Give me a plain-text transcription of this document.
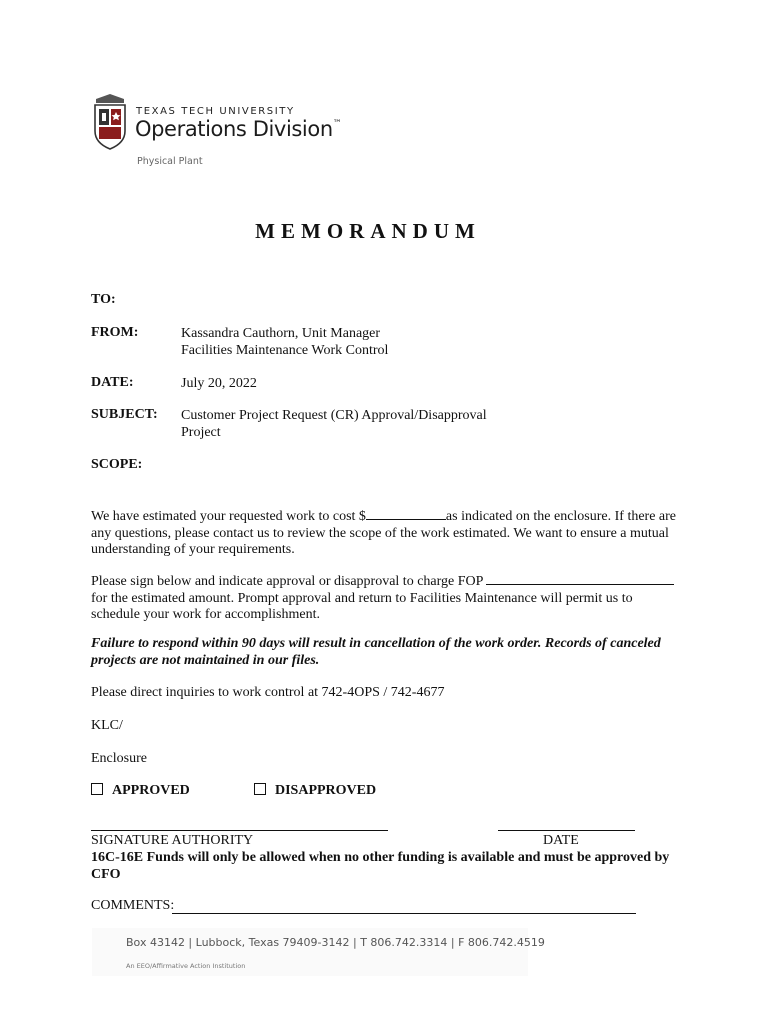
TEXAS TECH UNIVERSITY
Operations Division™
Physical Plant
MEMORANDUM
TO:
FROM:	Kassandra Cauthorn, Unit Manager
Facilities Maintenance Work Control
DATE:	July 20, 2022
SUBJECT: Customer Project Request (CR) Approval/Disapproval
Project
SCOPE:
We have estimated your requested work to cost $	as indicated on the enclosure. If there are
any questions, please contact us to review the scope of the work estimated. We want to ensure a mutual
understanding of your requirements.
Please sign below and indicate approval or disapproval to charge FOP
for the estimated amount. Prompt approval and return to Facilities Maintenance will permit us to
schedule your work for accomplishment.
Failure to respond within 90 days will result in cancellation of the work order. Records of canceled
projects are not maintained in our files.
Please direct inquiries to work control at 742-4OPS / 742-4677
KLC/
Enclosure
APPROVED	DISAPPROVED
SIGNATURE AUTHORITY	DATE
16C-16E Funds will only be allowed when no other funding is available and must be approved by
CFO
COMMENTS:
Box 43142 | Lubbock, Texas 79409-3142 | T 806.742.3314 | F 806.742.4519
An EEO/Affirmative Action Institution
